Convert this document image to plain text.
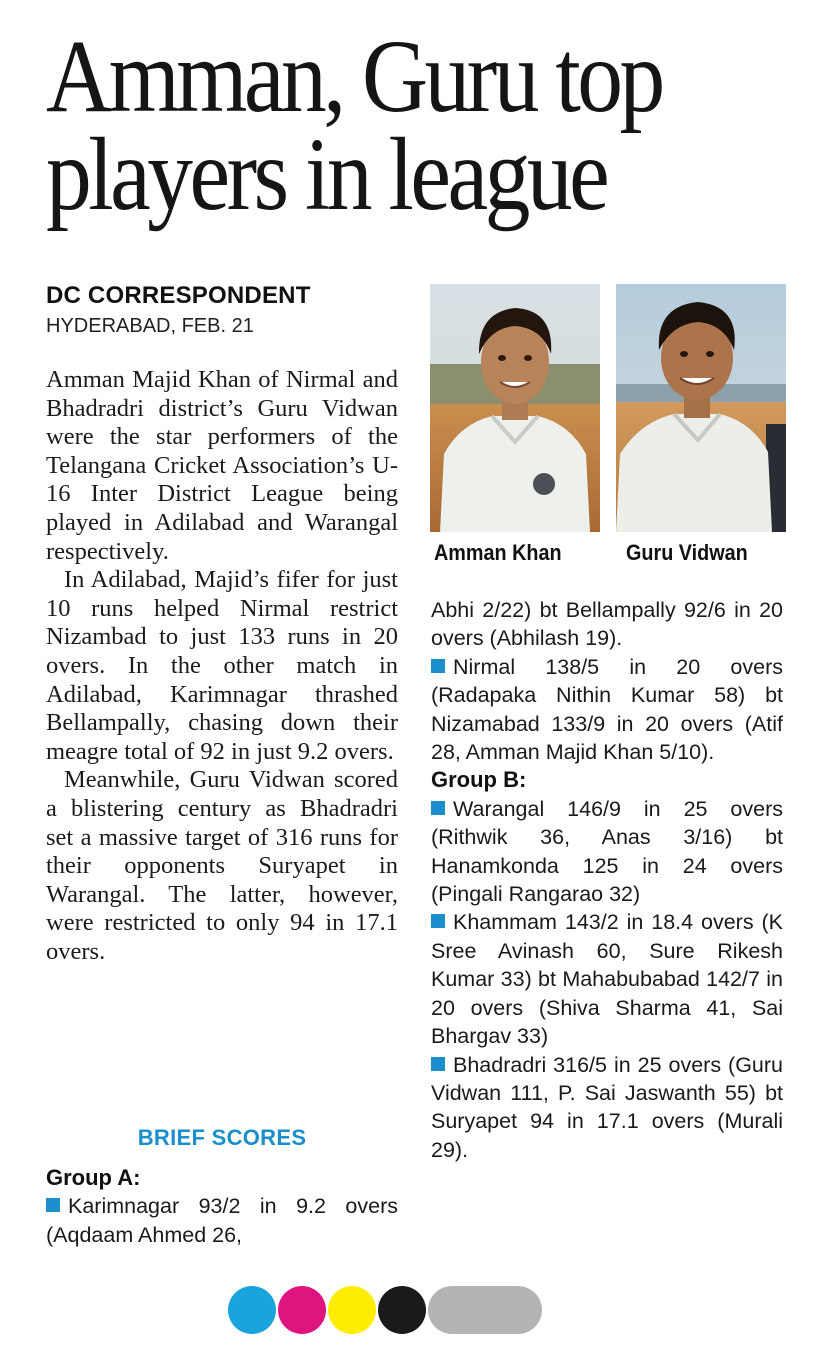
Amman, Guru top
players in league
DC CORRESPONDENT
HYDERABAD, FEB. 21

Amman Majid Khan of Nirmal and Bhadradri district’s Guru Vidwan were the star performers of the Telangana Cricket Association’s U-16 Inter District League being played in Adilabad and Warangal respectively.

In Adilabad, Majid’s fifer for just 10 runs helped Nirmal restrict Nizambad to just 133 runs in 20 overs. In the other match in Adilabad, Karimnagar thrashed Bellampally, chasing down their meagre total of 92 in just 9.2 overs.

Meanwhile, Guru Vidwan scored a blistering century as Bhadradri set a massive target of 316 runs for their opponents Suryapet in Warangal. The latter, however, were restricted to only 94 in 17.1 overs.

BRIEF SCORES
Group A:

Karimnagar 93/2 in 9.2 overs (Aqdaam Ahmed 26,

Amman Khan	Guru Vidwan

Abhi 2/22) bt Bellampally 92/6 in 20 overs (Abhilash 19).

Nirmal 138/5 in 20 overs (Radapaka Nithin Kumar 58) bt Nizamabad 133/9 in 20 overs (Atif 28, Amman Majid Khan 5/10).

Group B:

Warangal 146/9 in 25 overs (Rithwik 36, Anas 3/16) bt Hanamkonda 125 in 24 overs (Pingali Rangarao 32)

Khammam 143/2 in 18.4 overs (K Sree Avinash 60, Sure Rikesh Kumar 33) bt Mahabubabad 142/7 in 20 overs (Shiva Sharma 41, Sai Bhargav 33)

Bhadradri 316/5 in 25 overs (Guru Vidwan 111, P. Sai Jaswanth 55) bt Suryapet 94 in 17.1 overs (Murali 29).
